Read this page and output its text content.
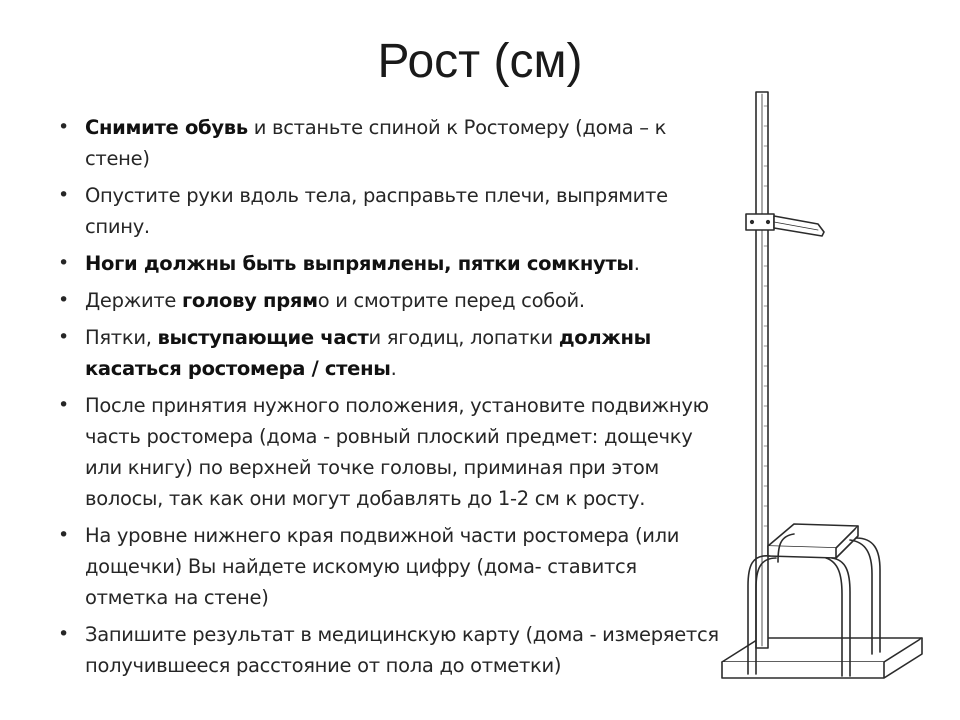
Рост (см)
• Снимите обувь и встаньте спиной к Ростомеру (дома – к стене)
• Опустите руки вдоль тела, расправьте плечи, выпрямите спину.
• Ноги должны быть выпрямлены, пятки сомкнуты.
• Держите голову прямо и смотрите перед собой.
• Пятки, выступающие части ягодиц, лопатки должны касаться ростомера / стены.
• После принятия нужного положения, установите подвижную часть ростомера (дома - ровный плоский предмет: дощечку или книгу) по верхней точке головы, приминая при этом волосы, так как они могут добавлять до 1-2 см к росту.
• На уровне нижнего края подвижной части ростомера (или дощечки) Вы найдете искомую цифру (дома- ставится отметка на стене)
• Запишите результат в медицинскую карту (дома - измеряется получившееся расстояние от пола до отметки)
